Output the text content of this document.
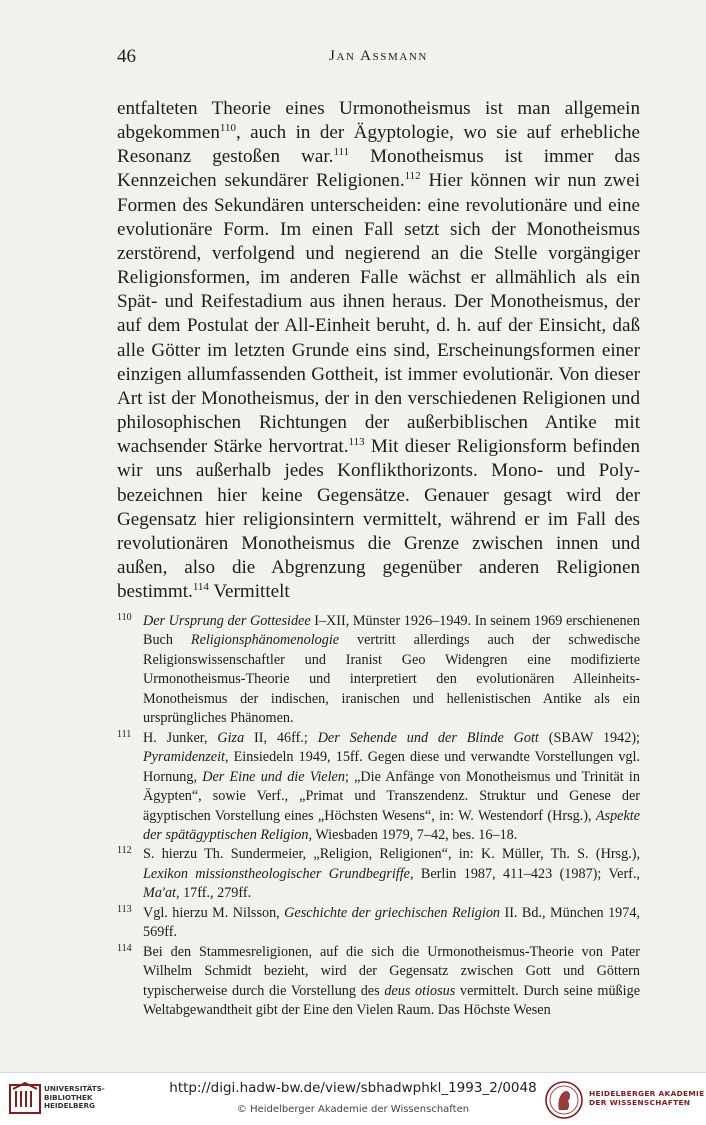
46	Jan Assmann

entfalteten Theorie eines Urmonotheismus ist man allgemein abgekommen$^{110}$, auch in der Ägyptologie, wo sie auf erhebliche Resonanz gestoßen war.$^{111}$ Monotheismus ist immer das Kennzeichen sekundärer Religionen.$^{112}$ Hier können wir nun zwei Formen des Sekundären unterscheiden: eine revolutionäre und eine evolutionäre Form. Im einen Fall setzt sich der Monotheismus zerstörend, verfolgend und negierend an die Stelle vorgängiger Religionsformen, im anderen Falle wächst er allmählich als ein Spät- und Reifestadium aus ihnen heraus. Der Monotheismus, der auf dem Postulat der All-Einheit beruht, d. h. auf der Einsicht, daß alle Götter im letzten Grunde eins sind, Erscheinungsformen einer einzigen allumfassenden Gottheit, ist immer evolutionär. Von dieser Art ist der Monotheismus, der in den verschiedenen Religionen und philosophischen Richtungen der außerbiblischen Antike mit wachsender Stärke hervortrat.$^{113}$ Mit dieser Religionsform befinden wir uns außerhalb jedes Konflikthorizonts. Mono- und Poly- bezeichnen hier keine Gegensätze. Genauer gesagt wird der Gegensatz hier religionsintern vermittelt, während er im Fall des revolutionären Monotheismus die Grenze zwischen innen und außen, also die Abgrenzung gegenüber anderen Religionen bestimmt.$^{114}$ Vermittelt

110 Der Ursprung der Gottesidee I–XII, Münster 1926–1949. In seinem 1969 erschienenen Buch Religionsphänomenologie vertritt allerdings auch der schwedische Religionswissenschaftler und Iranist Geo Widengren eine modifizierte Urmonotheismus-Theorie und interpretiert den evolutionären Alleinheits-Monotheismus der indischen, iranischen und hellenistischen Antike als ein ursprüngliches Phänomen.
111 H. Junker, Giza II, 46ff.; Der Sehende und der Blinde Gott (SBAW 1942); Pyramidenzeit, Einsiedeln 1949, 15ff. Gegen diese und verwandte Vorstellungen vgl. Hornung, Der Eine und die Vielen; „Die Anfänge von Monotheismus und Trinität in Ägypten“, sowie Verf., „Primat und Transzendenz. Struktur und Genese der ägyptischen Vorstellung eines „Höchsten Wesens“, in: W. Westendorf (Hrsg.), Aspekte der spätägyptischen Religion, Wiesbaden 1979, 7–42, bes. 16–18.
112 S. hierzu Th. Sundermeier, „Religion, Religionen“, in: K. Müller, Th. S. (Hrsg.), Lexikon missionstheologischer Grundbegriffe, Berlin 1987, 411–423 (1987); Verf., Ma'at, 17ff., 279ff.
113 Vgl. hierzu M. Nilsson, Geschichte der griechischen Religion II. Bd., München 1974, 569ff.
114 Bei den Stammesreligionen, auf die sich die Urmonotheismus-Theorie von Pater Wilhelm Schmidt bezieht, wird der Gegensatz zwischen Gott und Göttern typischerweise durch die Vorstellung des deus otiosus vermittelt. Durch seine müßige Weltabgewandtheit gibt der Eine den Vielen Raum. Das Höchste Wesen
UNIVERSITÄTS-
BIBLIOTHEK
HEIDELBERG
http://digi.hadw-bw.de/view/sbhadwphkl_1993_2/0048
© Heidelberger Akademie der Wissenschaften
HEIDELBERGER AKADEMIE
DER WISSENSCHAFTEN
